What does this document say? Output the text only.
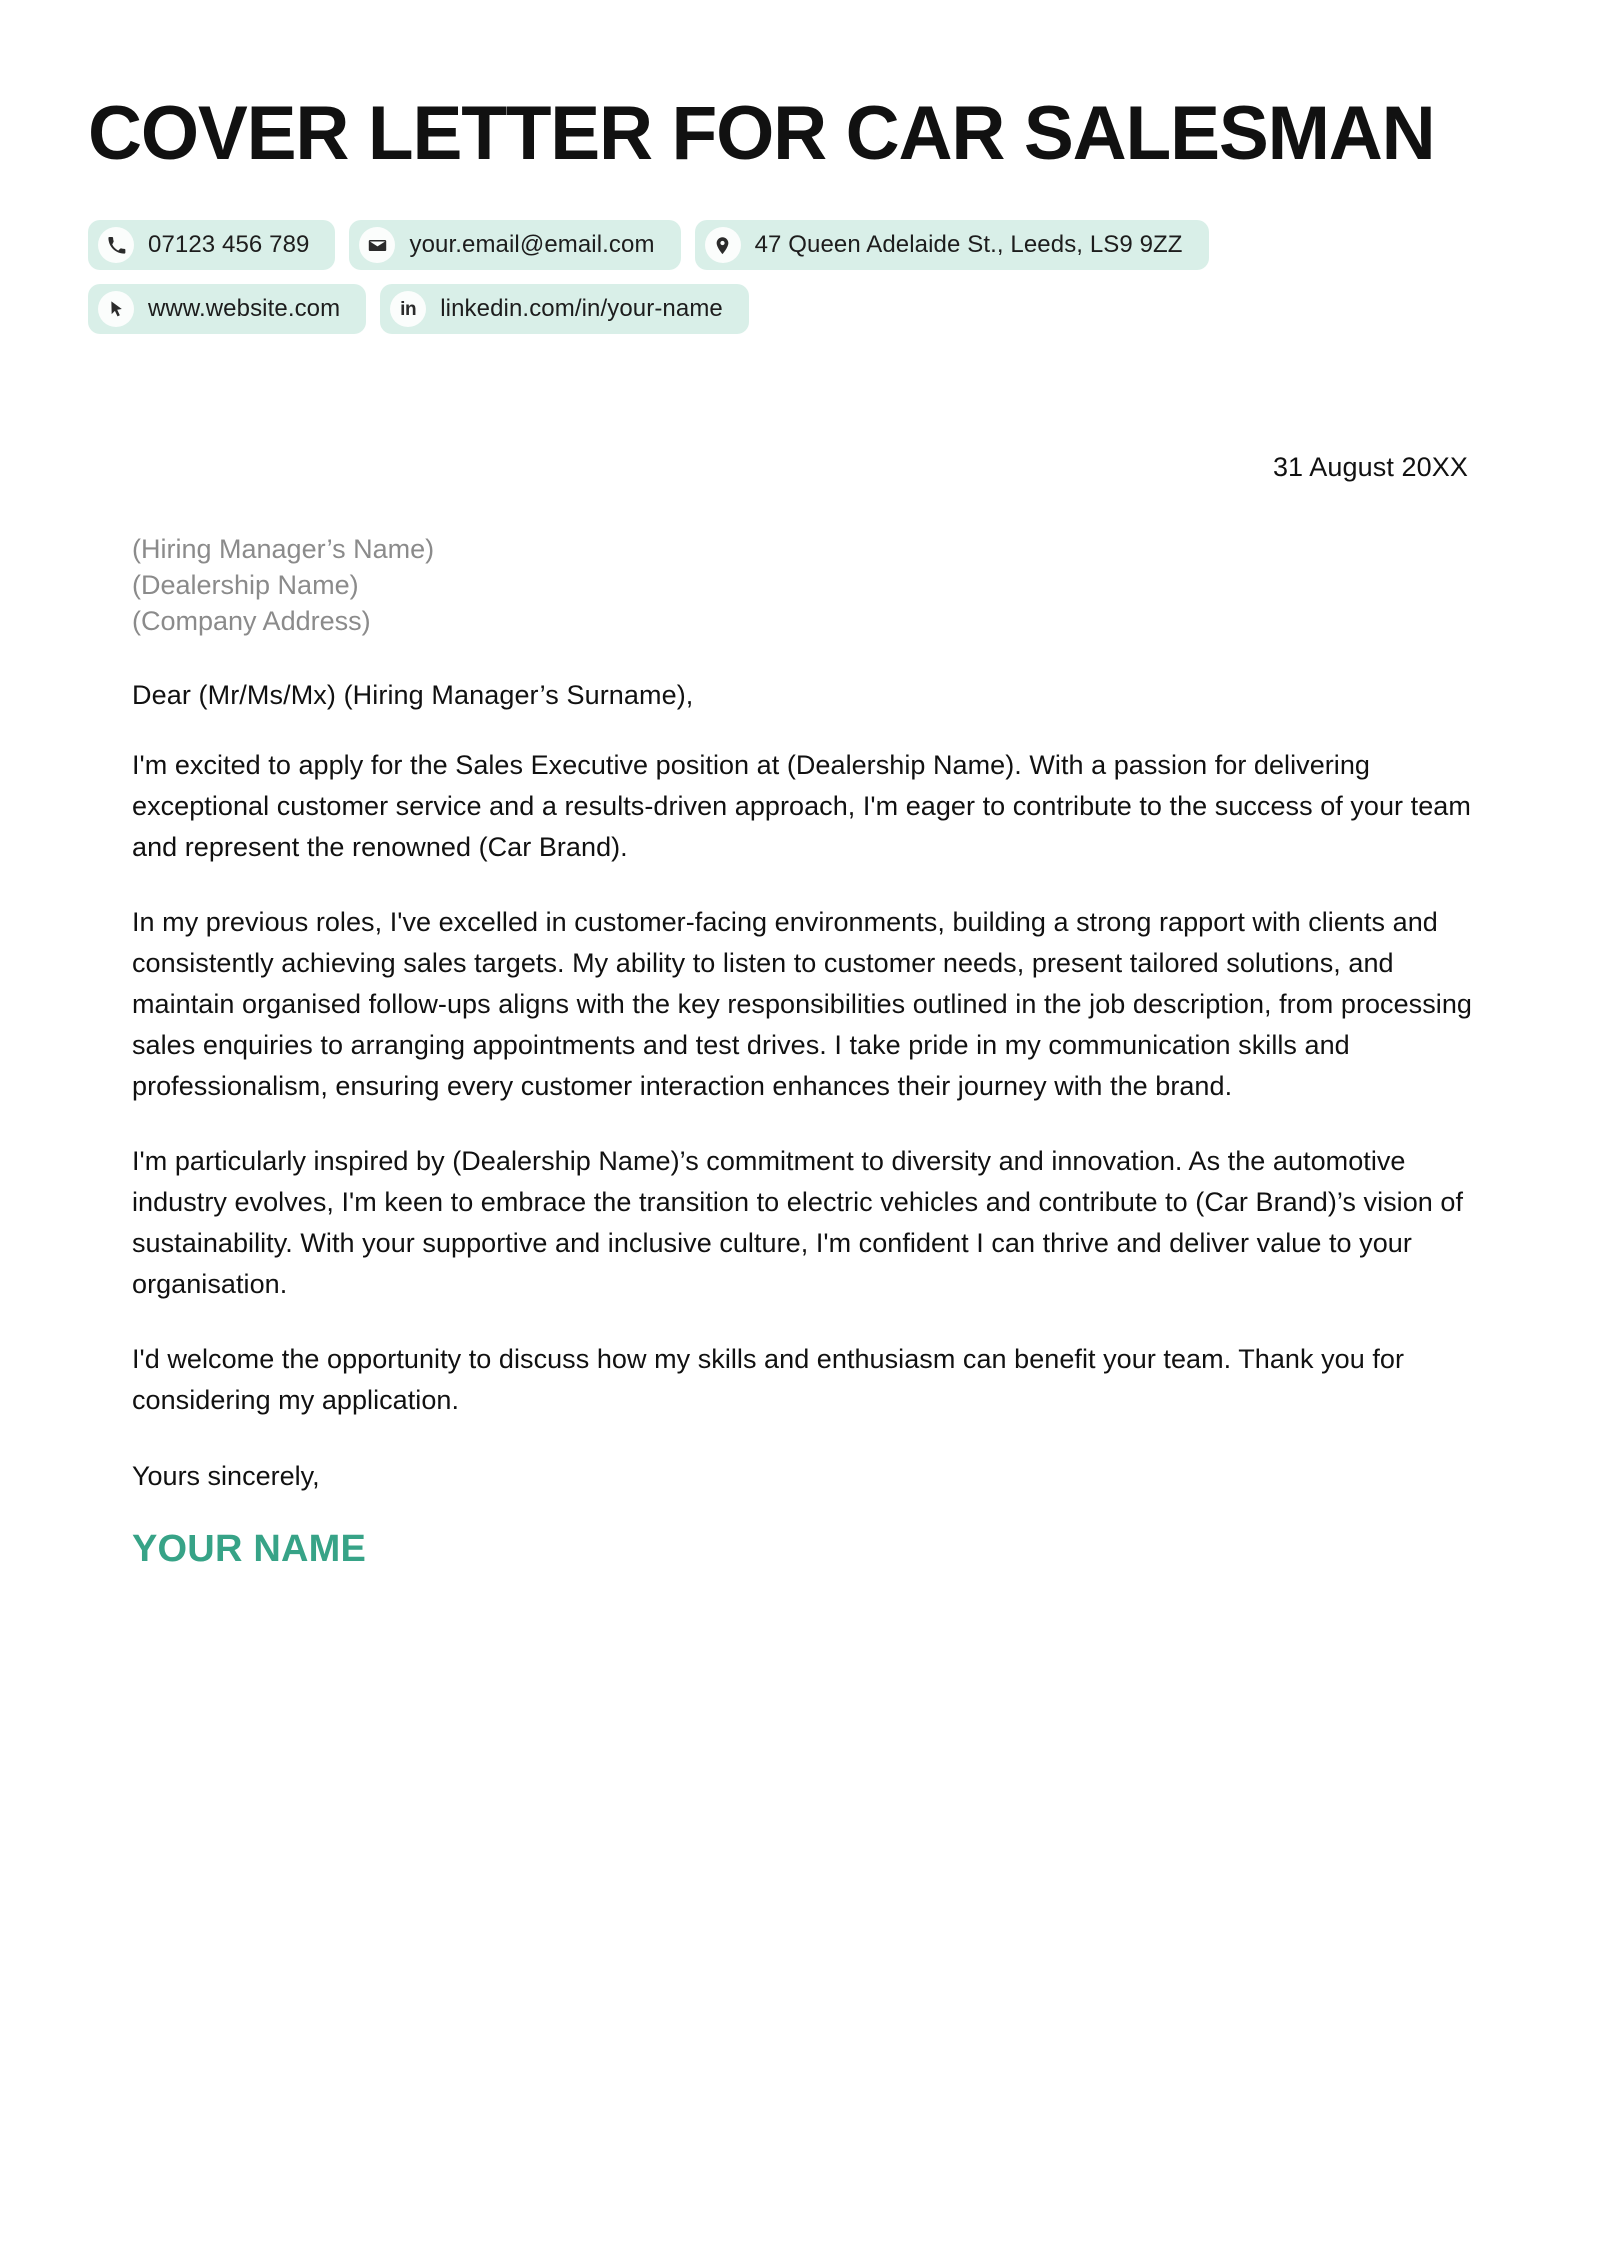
COVER LETTER FOR CAR SALESMAN
07123 456 789	your.email@email.com	47 Queen Adelaide St., Leeds, LS9 9ZZ
www.website.com	in linkedin.com/in/your-name
31 August 20XX
(Hiring Manager’s Name)
(Dealership Name)
(Company Address)
Dear (Mr/Ms/Mx) (Hiring Manager’s Surname),

I'm excited to apply for the Sales Executive position at (Dealership Name). With a passion for delivering exceptional customer service and a results-driven approach, I'm eager to contribute to the success of your team and represent the renowned (Car Brand).

In my previous roles, I've excelled in customer-facing environments, building a strong rapport with clients and consistently achieving sales targets. My ability to listen to customer needs, present tailored solutions, and maintain organised follow-ups aligns with the key responsibilities outlined in the job description, from processing sales enquiries to arranging appointments and test drives. I take pride in my communication skills and professionalism, ensuring every customer interaction enhances their journey with the brand.

I'm particularly inspired by (Dealership Name)’s commitment to diversity and innovation. As the automotive industry evolves, I'm keen to embrace the transition to electric vehicles and contribute to (Car Brand)’s vision of sustainability. With your supportive and inclusive culture, I'm confident I can thrive and deliver value to your organisation.

I'd welcome the opportunity to discuss how my skills and enthusiasm can benefit your team. Thank you for considering my application.

Yours sincerely,
YOUR NAME
